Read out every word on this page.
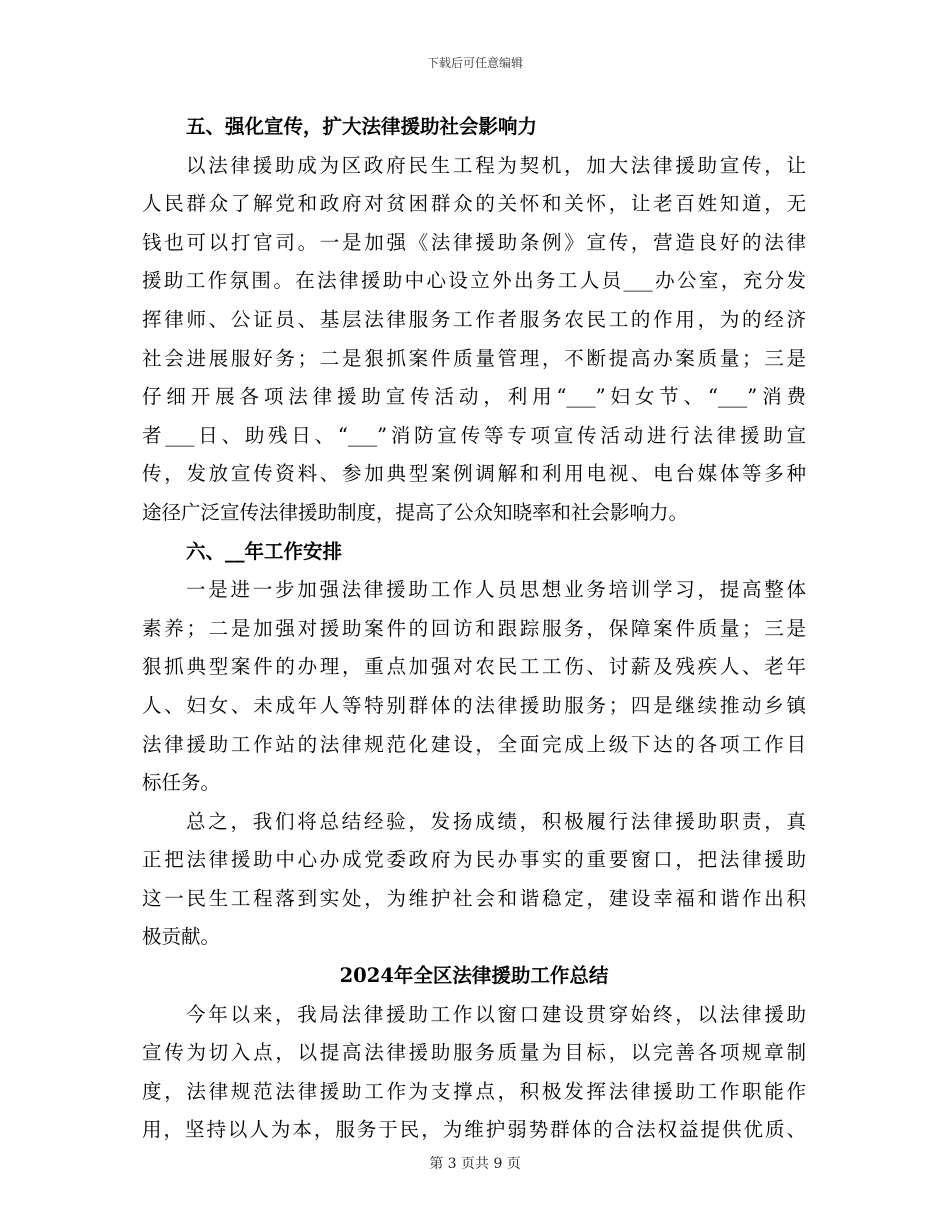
下载后可任意编辑
五、强化宣传，扩大法律援助社会影响力
以法律援助成为区政府民生工程为契机，加大法律援助宣传，让
人民群众了解党和政府对贫困群众的关怀和关怀，让老百姓知道，无
钱也可以打官司。一是加强《法律援助条例》宣传，营造良好的法律
援助工作氛围。在法律援助中心设立外出务工人员___办公室，充分发
挥律师、公证员、基层法律服务工作者服务农民工的作用，为的经济
社会进展服好务；二是狠抓案件质量管理，不断提高办案质量；三是
仔细开展各项法律援助宣传活动，利用“___”妇女节、“___”消费
者___日、助残日、“___”消防宣传等专项宣传活动进行法律援助宣
传，发放宣传资料、参加典型案例调解和利用电视、电台媒体等多种
途径广泛宣传法律援助制度，提高了公众知晓率和社会影响力。
六、__年工作安排
一是进一步加强法律援助工作人员思想业务培训学习，提高整体
素养；二是加强对援助案件的回访和跟踪服务，保障案件质量；三是
狠抓典型案件的办理，重点加强对农民工工伤、讨薪及残疾人、老年
人、妇女、未成年人等特别群体的法律援助服务；四是继续推动乡镇
法律援助工作站的法律规范化建设，全面完成上级下达的各项工作目
标任务。
总之，我们将总结经验，发扬成绩，积极履行法律援助职责，真
正把法律援助中心办成党委政府为民办事实的重要窗口，把法律援助
这一民生工程落到实处，为维护社会和谐稳定，建设幸福和谐作出积
极贡献。
2024年全区法律援助工作总结
今年以来，我局法律援助工作以窗口建设贯穿始终，以法律援助
宣传为切入点，以提高法律援助服务质量为目标，以完善各项规章制
度，法律规范法律援助工作为支撑点，积极发挥法律援助工作职能作
用，坚持以人为本，服务于民，为维护弱势群体的合法权益提供优质、
第 3 页共 9 页
